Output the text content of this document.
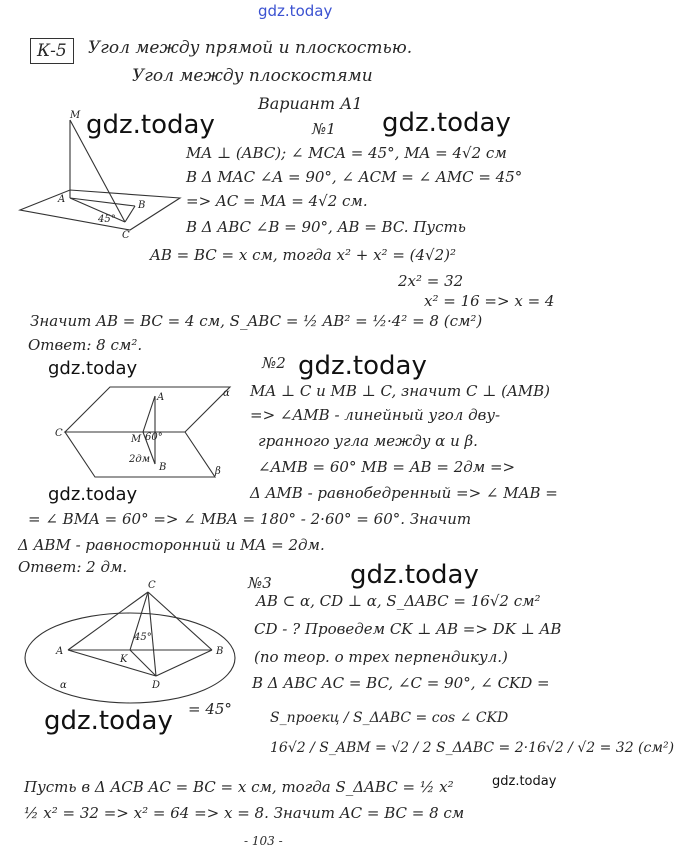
gdz.today
gdz.today	gdz.today
gdz.today	gdz.today
gdz.today
gdz.today
gdz.today
gdz.today
К-5	Угол между прямой и плоскостью.
Угол между плоскостями
Вариант А1
№1
M
A
B
C
45°
MA ⊥ (ABC); ∠ MCA = 45°, MA = 4√2 см
В Δ MAC ∠A = 90°, ∠ ACM = ∠ AMC = 45°
=> AC = MA = 4√2 см.
В Δ ABC ∠B = 90°, AB = BC. Пусть
AB = BC = x см, тогда x² + x² = (4√2)²
2x² = 32
x² = 16 => x = 4
Значит AB = BC = 4 см, S_ABC = ½ AB² = ½·4² = 8 (см²)
Ответ: 8 см².
№2
α
β
C
M
A
B
60°
2дм
MA ⊥ C и MB ⊥ C, значит C ⊥ (AMB)
=> ∠AMB - линейный угол дву-
гранного угла между α и β.
∠AMB = 60° MB = AB = 2дм =>
Δ AMB - равнобедренный => ∠ MAB =
= ∠ BMA = 60° => ∠ MBA = 180° - 2·60° = 60°. Значит
Δ ABM - равносторонний и MA = 2дм.
Ответ: 2 дм.
№3
C
A
K
D
B
α
45°
AB ⊂ α, CD ⊥ α, S_ΔABC = 16√2 см²
CD - ? Проведем CK ⊥ AB => DK ⊥ AB
(по теор. о трех перпендикул.)
В Δ ABC AC = BC, ∠C = 90°, ∠ CKD =
= 45°	S_проекц / S_ΔABC = cos ∠ CKD
16√2 / S_ABM = √2 / 2 S_ΔABC = 2·16√2 / √2 = 32 (см²)
Пусть в Δ ACB AC = BC = x см, тогда S_ΔABC = ½ x²
½ x² = 32 => x² = 64 => x = 8. Значит AC = BC = 8 см
- 103 -
